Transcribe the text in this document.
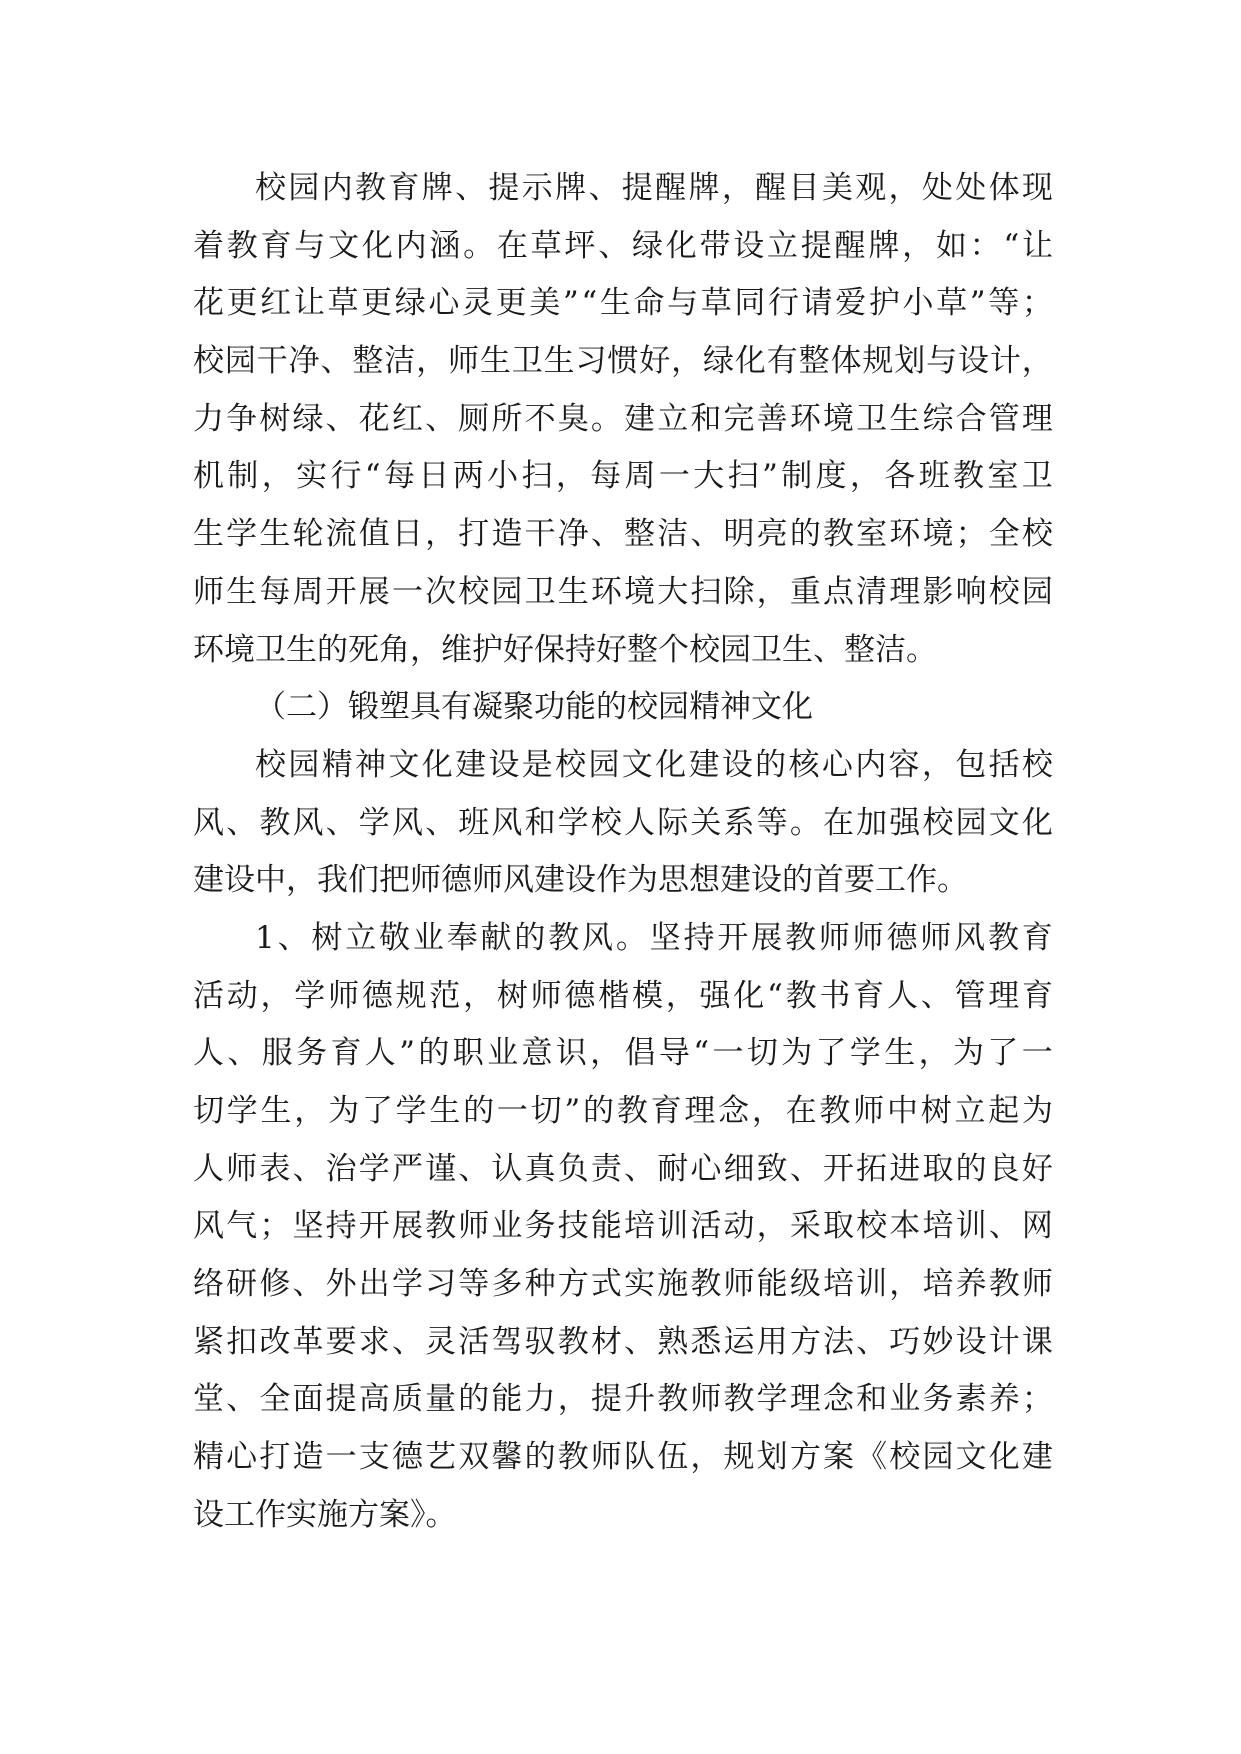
校 园 内 教 育 牌 、 提 示 牌 、 提 醒 牌 ， 醒 目 美 观 ， 处 处 体 现
着 教 育 与 文 化 内 涵 。 在 草 坪 、 绿 化 带 设 立 提 醒 牌 ， 如 ： “ 让
花 更 红 让 草 更 绿 心 灵 更 美 ” “ 生 命 与 草 同 行 请 爱 护 小 草 ” 等 ；
校 园 干 净 、 整 洁 ， 师 生 卫 生 习 惯 好 ， 绿 化 有 整 体 规 划 与 设 计 ，
力 争 树 绿 、 花 红 、 厕 所 不 臭 。 建 立 和 完 善 环 境 卫 生 综 合 管 理
机 制 ， 实 行 “ 每 日 两 小 扫 ， 每 周 一 大 扫 ” 制 度 ， 各 班 教 室 卫
生 学 生 轮 流 值 日 ， 打 造 干 净 、 整 洁 、 明 亮 的 教 室 环 境 ； 全 校
师 生 每 周 开 展 一 次 校 园 卫 生 环 境 大 扫 除 ， 重 点 清 理 影 响 校 园
环境卫生的死角，维护好保持好整个校园卫生、整洁。
（二）锻塑具有凝聚功能的校园精神文化
校 园 精 神 文 化 建 设 是 校 园 文 化 建 设 的 核 心 内 容 ， 包 括 校
风 、 教 风 、 学 风 、 班 风 和 学 校 人 际 关 系 等 。 在 加 强 校 园 文 化
建设中，我们把师德师风建设作为思想建设的首要工作。
1 、 树 立 敬 业 奉 献 的 教 风 。 坚 持 开 展 教 师 师 德 师 风 教 育
活 动 ， 学 师 德 规 范 ， 树 师 德 楷 模 ， 强 化 “ 教 书 育 人 、 管 理 育
人 、 服 务 育 人 ” 的 职 业 意 识 ， 倡 导 “ 一 切 为 了 学 生 ， 为 了 一
切 学 生 ， 为 了 学 生 的 一 切 ” 的 教 育 理 念 ， 在 教 师 中 树 立 起 为
人 师 表 、 治 学 严 谨 、 认 真 负 责 、 耐 心 细 致 、 开 拓 进 取 的 良 好
风 气 ； 坚 持 开 展 教 师 业 务 技 能 培 训 活 动 ， 采 取 校 本 培 训 、 网
络 研 修 、 外 出 学 习 等 多 种 方 式 实 施 教 师 能 级 培 训 ， 培 养 教 师
紧 扣 改 革 要 求 、 灵 活 驾 驭 教 材 、 熟 悉 运 用 方 法 、 巧 妙 设 计 课
堂 、 全 面 提 高 质 量 的 能 力 ， 提 升 教 师 教 学 理 念 和 业 务 素 养 ；
精 心 打 造 一 支 德 艺 双 馨 的 教 师 队 伍 ， 规 划 方 案 《 校 园 文 化 建
设工作实施方案》。
